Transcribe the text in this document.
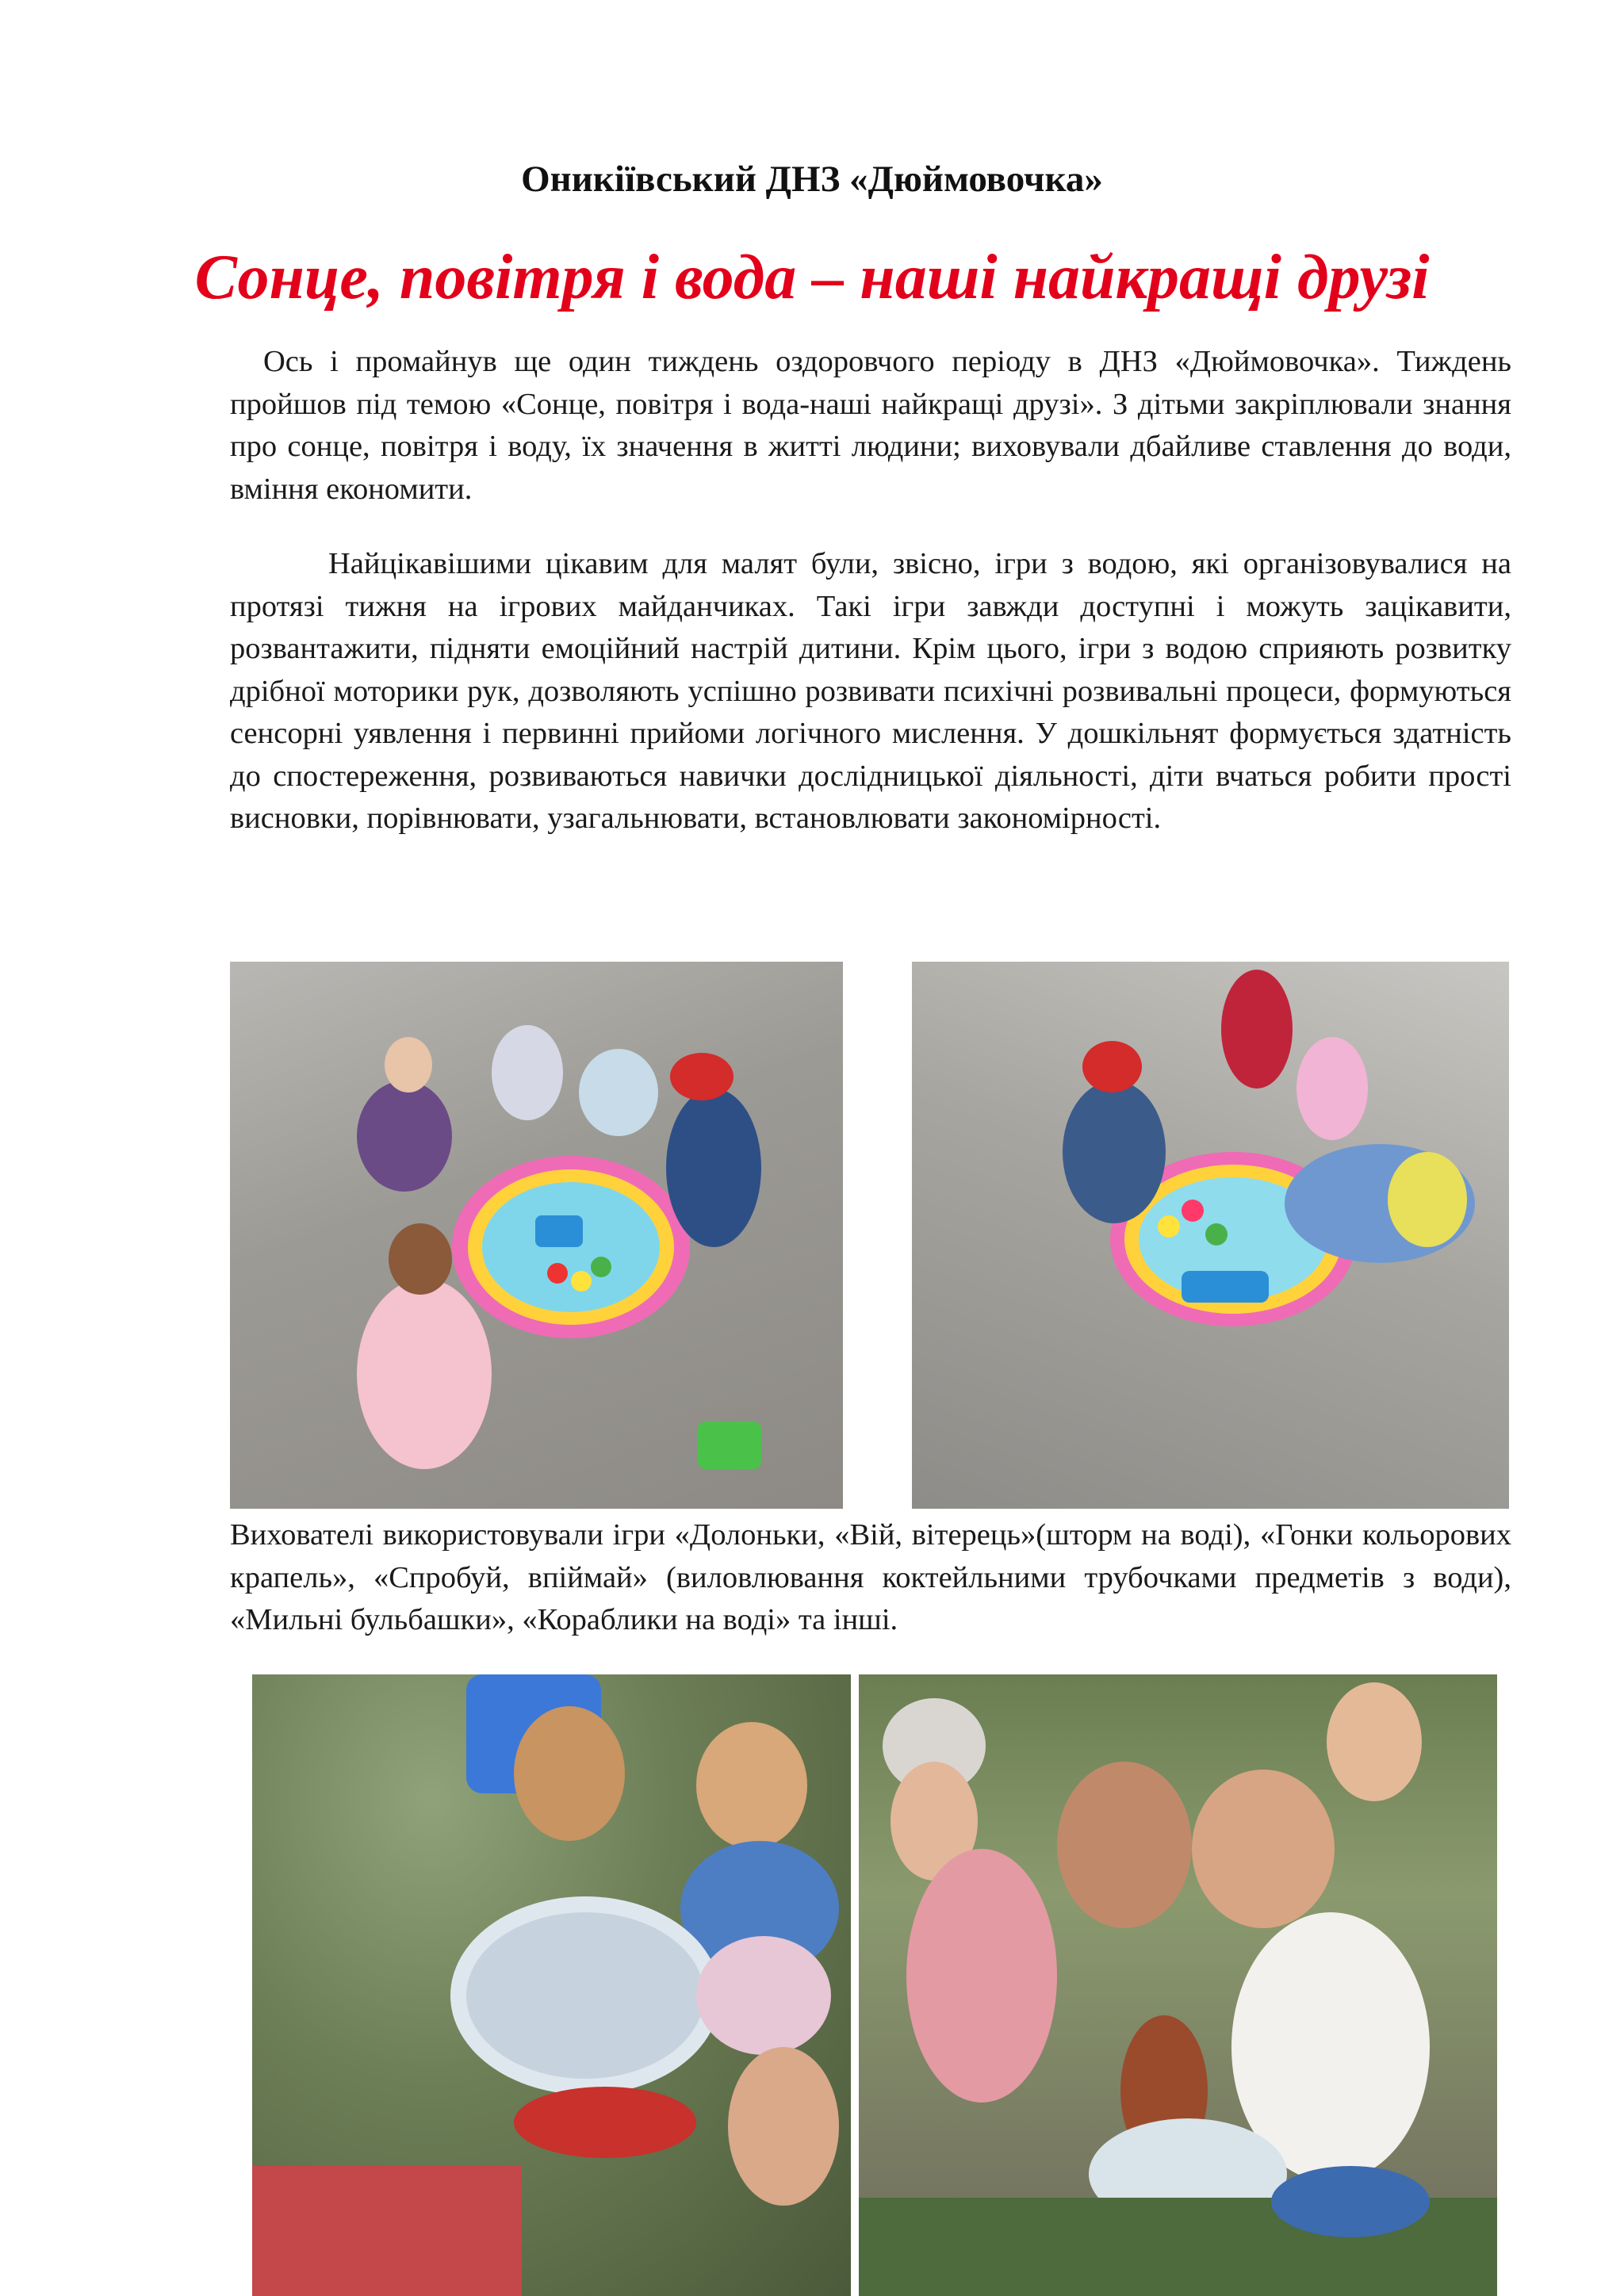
Оникіївський ДНЗ «Дюймовочка»
Сонце, повітря і вода – наші найкращі друзі

Ось і промайнув ще один тиждень оздоровчого періоду в ДНЗ «Дюймовочка». Тиждень пройшов під темою «Сонце, повітря і вода-наші найкращі друзі». З дітьми закріплювали знання про сонце, повітря і воду, їх значення в житті людини; виховували дбайливе ставлення до води, вміння економити.

Найцікавішими цікавим для малят були, звісно, ігри з водою, які організовувалися на протязі тижня на ігрових майданчиках. Такі ігри завжди доступні і можуть зацікавити, розвантажити, підняти емоційний настрій дитини. Крім цього, ігри з водою сприяють розвитку дрібної моторики рук, дозволяють успішно розвивати психічні розвивальні процеси, формуються сенсорні уявлення і первинні прийоми логічного мислення. У дошкільнят формується здатність до спостереження, розвиваються навички дослідницької діяльності, діти вчаться робити прості висновки, порівнювати, узагальнювати, встановлювати закономірності.

Вихователі використовували ігри «Долоньки, «Вій, вітерець»(шторм на воді), «Гонки кольорових крапель», «Спробуй, впіймай» (виловлювання коктейльними трубочками предметів з води), «Мильні бульбашки», «Кораблики на воді» та інші.
